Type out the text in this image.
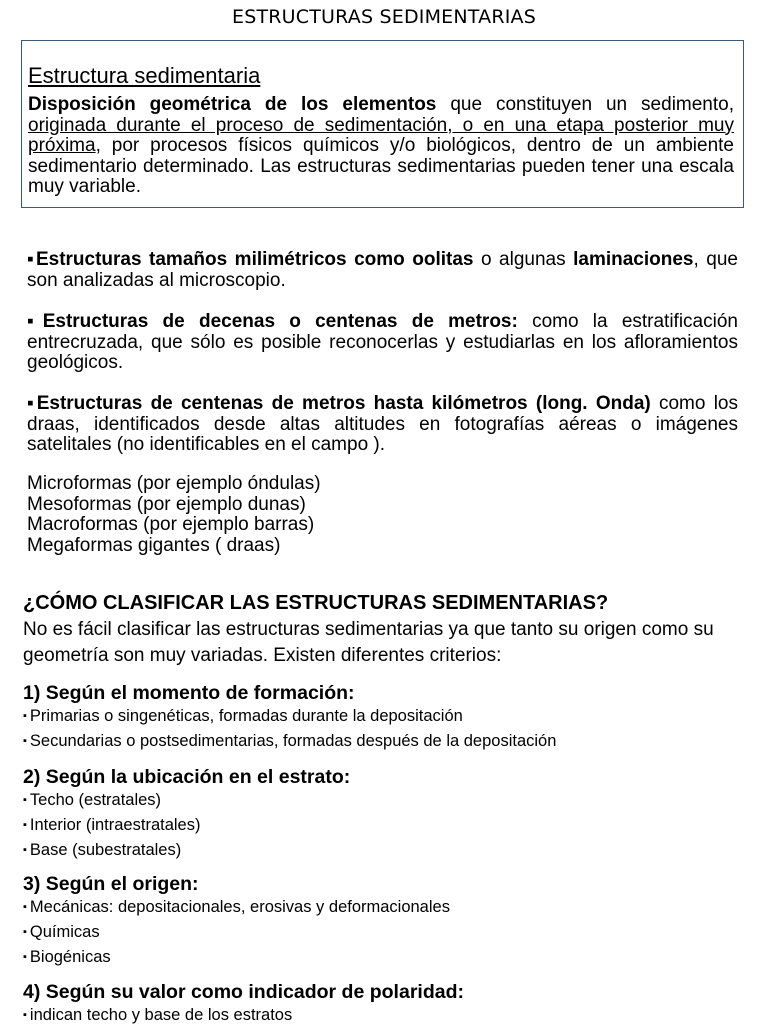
ESTRUCTURAS SEDIMENTARIAS
Estructura sedimentaria

Disposición geométrica de los elementos que constituyen un sedimento, originada durante el proceso de sedimentación, o en una etapa posterior muy próxima, por procesos físicos químicos y/o biológicos, dentro de un ambiente sedimentario determinado. Las estructuras sedimentarias pueden tener una escala muy variable.

▪Estructuras tamaños milimétricos como oolitas o algunas laminaciones, que son analizadas al microscopio.

▪Estructuras de decenas o centenas de metros: como la estratificación entrecruzada, que sólo es posible reconocerlas y estudiarlas en los afloramientos geológicos.

▪Estructuras de centenas de metros hasta kilómetros (long. Onda) como los draas, identificados desde altas altitudes en fotografías aéreas o imágenes satelitales (no identificables en el campo ).

Microformas (por ejemplo óndulas)
Mesoformas (por ejemplo dunas)
Macroformas (por ejemplo barras)
Megaformas gigantes ( draas)
¿CÓMO CLASIFICAR LAS ESTRUCTURAS SEDIMENTARIAS?
No es fácil clasificar las estructuras sedimentarias ya que tanto su origen como su geometría son muy variadas. Existen diferentes criterios:
1) Según el momento de formación:
▪ Primarias o singenéticas, formadas durante la depositación
▪ Secundarias o postsedimentarias, formadas después de la depositación
2) Según la ubicación en el estrato:
▪ Techo (estratales)
▪ Interior (intraestratales)
▪ Base (subestratales)
3) Según el origen:
▪ Mecánicas: depositacionales, erosivas y deformacionales
▪ Químicas
▪ Biogénicas
4) Según su valor como indicador de polaridad:
▪ indican techo y base de los estratos
